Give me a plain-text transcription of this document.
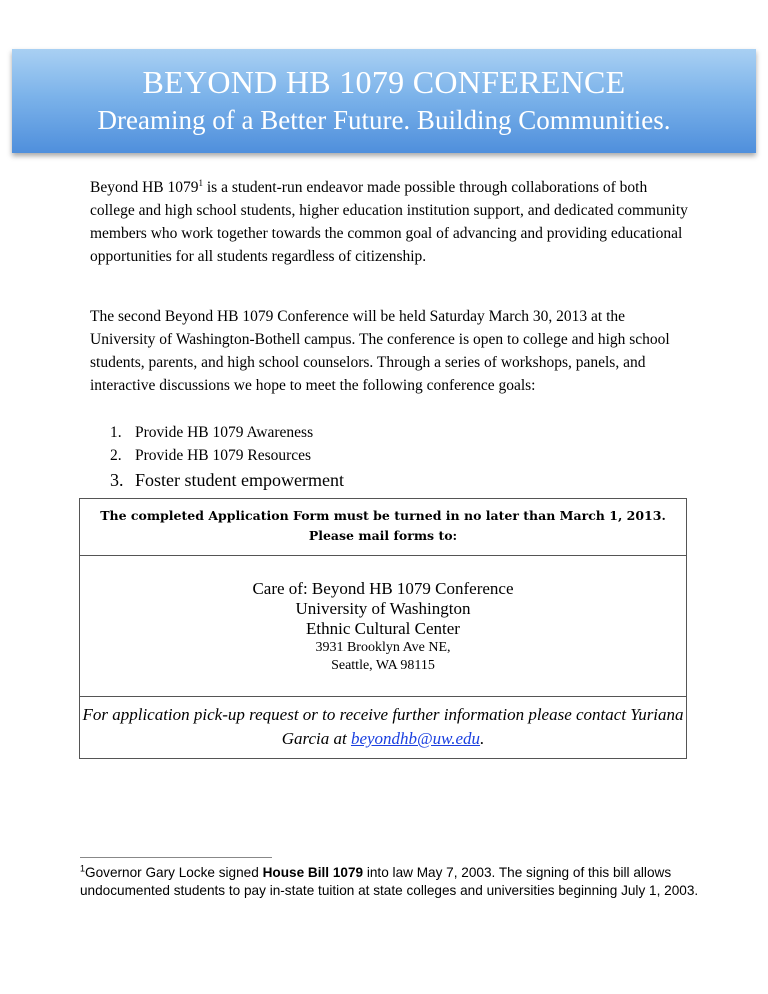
BEYOND HB 1079 CONFERENCE
Dreaming of a Better Future. Building Communities.
Beyond HB 1079$^1$ is a student-run endeavor made possible through collaborations of both college and high school students, higher education institution support, and dedicated community members who work together towards the common goal of advancing and providing educational opportunities for all students regardless of citizenship.
The second Beyond HB 1079 Conference will be held Saturday March 30, 2013 at the University of Washington-Bothell campus. The conference is open to college and high school students, parents, and high school counselors. Through a series of workshops, panels, and interactive discussions we hope to meet the following conference goals:
1. Provide HB 1079 Awareness
2. Provide HB 1079 Resources
3. Foster student empowerment
The completed Application Form must be turned in no later than March 1, 2013.
Please mail forms to:
Care of: Beyond HB 1079 Conference
University of Washington
Ethnic Cultural Center
3931 Brooklyn Ave NE,
Seattle, WA 98115
For application pick-up request or to receive further information please contact Yuriana Garcia at beyondhb@uw.edu.
$^1$Governor Gary Locke signed House Bill 1079 into law May 7, 2003. The signing of this bill allows undocumented students to pay in-state tuition at state colleges and universities beginning July 1, 2003.
